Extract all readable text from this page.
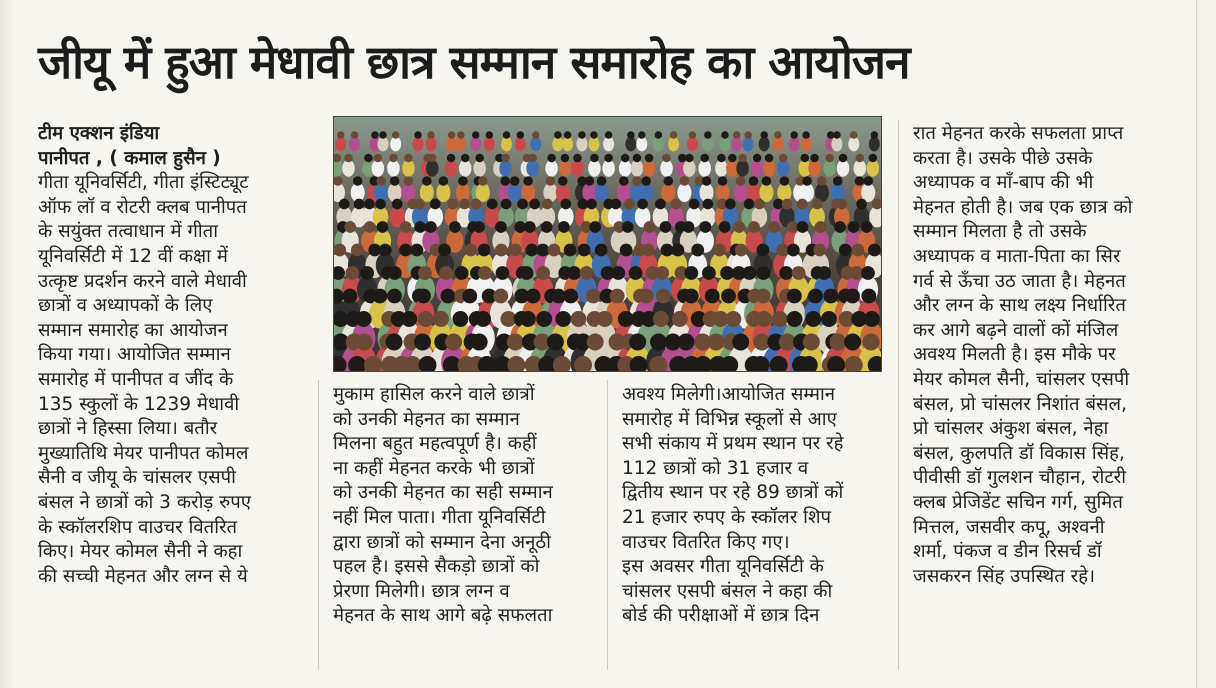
जीयू में हुआ मेधावी छात्र सम्मान समारोह का आयोजन
टीम एक्शन इंडिया
पानीपत , ( कमाल हुसैन )
गीता यूनिवर्सिटी, गीता इंस्टिट्यूट
ऑफ लॉ व रोटरी क्लब पानीपत
के सयुंक्त तत्वाधान में गीता
यूनिवर्सिटी में 12 वीं कक्षा में
उत्कृष्ट प्रदर्शन करने वाले मेधावी
छात्रों व अध्यापकों के लिए
सम्मान समारोह का आयोजन
किया गया। आयोजित सम्मान
समारोह में पानीपत व जींद के
135 स्कुलों के 1239 मेधावी
छात्रों ने हिस्सा लिया। बतौर
मुख्यातिथि मेयर पानीपत कोमल
सैनी व जीयू के चांसलर एसपी
बंसल ने छात्रों को 3 करोड़ रुपए
के स्कॉलरशिप वाउचर वितरित
किए। मेयर कोमल सैनी ने कहा
की सच्ची मेहनत और लग्न से ये
मुकाम हासिल करने वाले छात्रों
को उनकी मेहनत का सम्मान
मिलना बहुत महत्वपूर्ण है। कहीं
ना कहीं मेहनत करके भी छात्रों
को उनकी मेहनत का सही सम्मान
नहीं मिल पाता। गीता यूनिवर्सिटी
द्वारा छात्रों को सम्मान देना अनूठी
पहल है। इससे सैकड़ो छात्रों को
प्रेरणा मिलेगी। छात्र लग्न व
मेहनत के साथ आगे बढ़े सफलता
अवश्य मिलेगी।आयोजित सम्मान
समारोह में विभिन्न स्कूलों से आए
सभी संकाय में प्रथम स्थान पर रहे
112 छात्रों को 31 हजार व
द्वितीय स्थान पर रहे 89 छात्रों कों
21 हजार रुपए के स्कॉलर शिप
वाउचर वितरित किए गए।
इस अवसर गीता यूनिवर्सिटी के
चांसलर एसपी बंसल ने कहा की
बोर्ड की परीक्षाओं में छात्र दिन
रात मेहनत करके सफलता प्राप्त
करता है। उसके पीछे उसके
अध्यापक व माँ-बाप की भी
मेहनत होती है। जब एक छात्र को
सम्मान मिलता है तो उसके
अध्यापक व माता-पिता का सिर
गर्व से ऊँचा उठ जाता है। मेहनत
और लग्न के साथ लक्ष्य निर्धारित
कर आगे बढ़ने वालों कों मंजिल
अवश्य मिलती है। इस मौके पर
मेयर कोमल सैनी, चांसलर एसपी
बंसल, प्रो चांसलर निशांत बंसल,
प्रो चांसलर अंकुश बंसल, नेहा
बंसल, कुलपति डॉ विकास सिंह,
पीवीसी डॉ गुलशन चौहान, रोटरी
क्लब प्रेजिडेंट सचिन गर्ग, सुमित
मित्तल, जसवीर कपू, अश्वनी
शर्मा, पंकज व डीन रिसर्च डॉ
जसकरन सिंह उपस्थित रहे।
